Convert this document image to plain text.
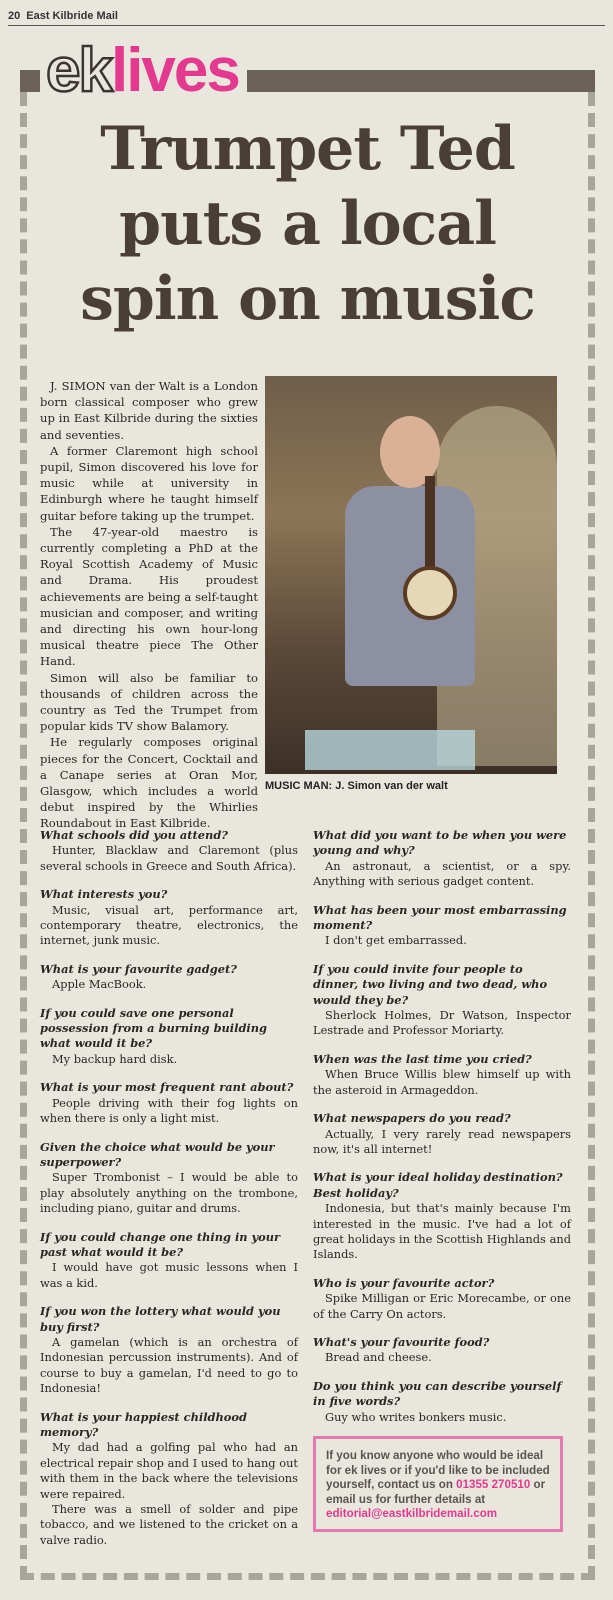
20 East Kilbride Mail
ek lives
Trumpet Ted
puts a local
spin on music

J. SIMON van der Walt is a London born classical composer who grew up in East Kilbride during the sixties and seventies.

A former Claremont high school pupil, Simon discovered his love for music while at university in Edinburgh where he taught himself guitar before taking up the trumpet.

The 47-year-old maestro is currently completing a PhD at the Royal Scottish Academy of Music and Drama. His proudest achievements are being a self-taught musician and composer, and writing and directing his own hour-long musical theatre piece The Other Hand.

Simon will also be familiar to thousands of children across the country as Ted the Trumpet from popular kids TV show Balamory.

He regularly composes original pieces for the Concert, Cocktail and a Canape series at Oran Mor, Glasgow, which includes a world debut inspired by the Whirlies Roundabout in East Kilbride.

MUSIC MAN: J. Simon van der walt
What schools did you attend?

Hunter, Blacklaw and Claremont (plus several schools in Greece and South Africa).

What interests you?

Music, visual art, performance art, contemporary theatre, electronics, the internet, junk music.

What is your favourite gadget?

Apple MacBook.

If you could save one personal possession from a burning building what would it be?

My backup hard disk.

What is your most frequent rant about?

People driving with their fog lights on when there is only a light mist.

Given the choice what would be your superpower?

Super Trombonist – I would be able to play absolutely anything on the trombone, including piano, guitar and drums.

If you could change one thing in your past what would it be?

I would have got music lessons when I was a kid.

If you won the lottery what would you buy first?

A gamelan (which is an orchestra of Indonesian percussion instruments). And of course to buy a gamelan, I'd need to go to Indonesia!

What is your happiest childhood memory?

My dad had a golfing pal who had an electrical repair shop and I used to hang out with them in the back where the televisions were repaired.

There was a smell of solder and pipe tobacco, and we listened to the cricket on a valve radio.

What did you want to be when you were young and why?

An astronaut, a scientist, or a spy. Anything with serious gadget content.

What has been your most embarrassing moment?

I don't get embarrassed.

If you could invite four people to dinner, two living and two dead, who would they be?

Sherlock Holmes, Dr Watson, Inspector Lestrade and Professor Moriarty.

When was the last time you cried?

When Bruce Willis blew himself up with the asteroid in Armageddon.

What newspapers do you read?

Actually, I very rarely read newspapers now, it's all internet!

What is your ideal holiday destination? Best holiday?

Indonesia, but that's mainly because I'm interested in the music. I've had a lot of great holidays in the Scottish Highlands and Islands.

Who is your favourite actor?

Spike Milligan or Eric Morecambe, or one of the Carry On actors.

What's your favourite food?

Bread and cheese.

Do you think you can describe yourself in five words?

Guy who writes bonkers music.

If you know anyone who would be ideal for ek lives or if you'd like to be included yourself, contact us on 01355 270510 or email us for further details at editorial@eastkilbridemail.com
